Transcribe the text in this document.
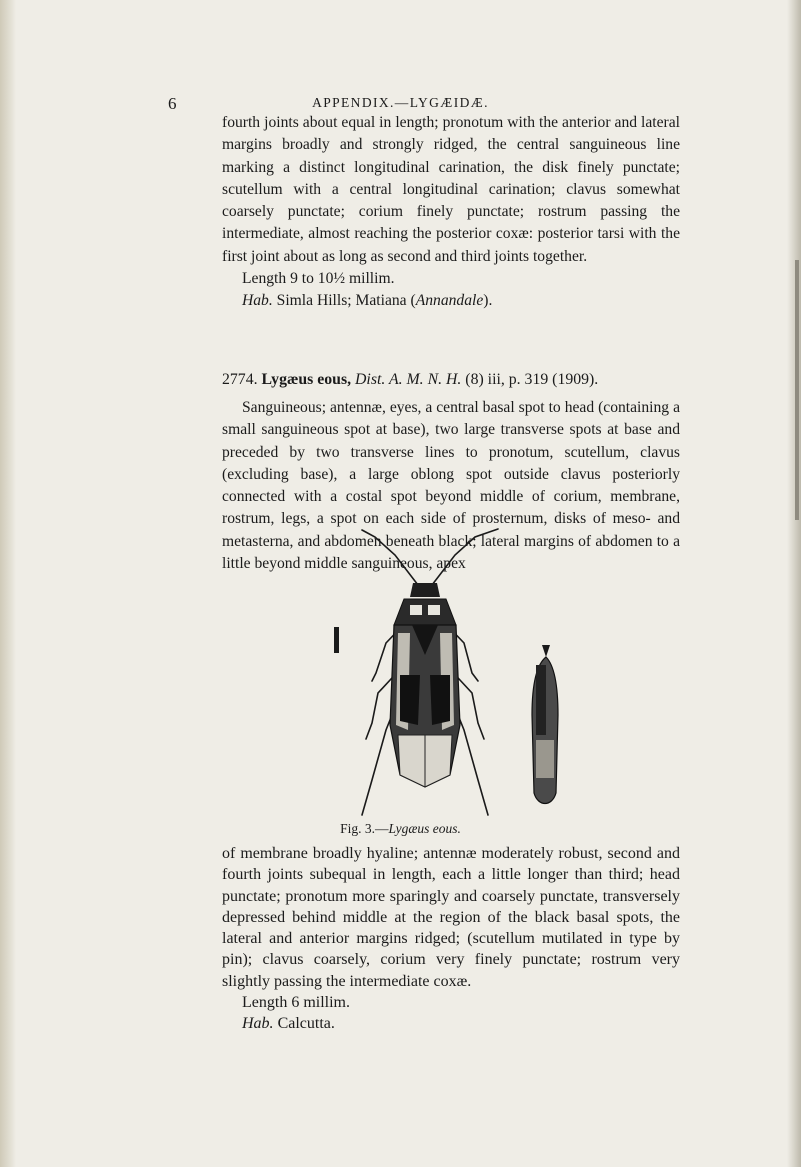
6	APPENDIX.—LYGÆIDÆ.

fourth joints about equal in length; pronotum with the anterior and lateral margins broadly and strongly ridged, the central sanguineous line marking a distinct longitudinal carination, the disk finely punctate; scutellum with a central longitudinal carination; clavus somewhat coarsely punctate; corium finely punctate; rostrum passing the intermediate, almost reaching the posterior coxæ: posterior tarsi with the first joint about as long as second and third joints together.

Length 9 to 10½ millim.

Hab. Simla Hills; Matiana (Annandale).

2774. Lygæus eous, Dist. A. M. N. H. (8) iii, p. 319 (1909).

Sanguineous; antennæ, eyes, a central basal spot to head (containing a small sanguineous spot at base), two large transverse spots at base and preceded by two transverse lines to pronotum, scutellum, clavus (excluding base), a large oblong spot outside clavus posteriorly connected with a costal spot beyond middle of corium, membrane, rostrum, legs, a spot on each side of prosternum, disks of meso- and metasterna, and abdomen beneath black; lateral margins of abdomen to a little beyond middle sanguineous, apex

Fig. 3.—Lygæus eous.

of membrane broadly hyaline; antennæ moderately robust, second and fourth joints subequal in length, each a little longer than third; head punctate; pronotum more sparingly and coarsely punctate, transversely depressed behind middle at the region of the black basal spots, the lateral and anterior margins ridged; (scutellum mutilated in type by pin); clavus coarsely, corium very finely punctate; rostrum very slightly passing the intermediate coxæ.

Length 6 millim.

Hab. Calcutta.
